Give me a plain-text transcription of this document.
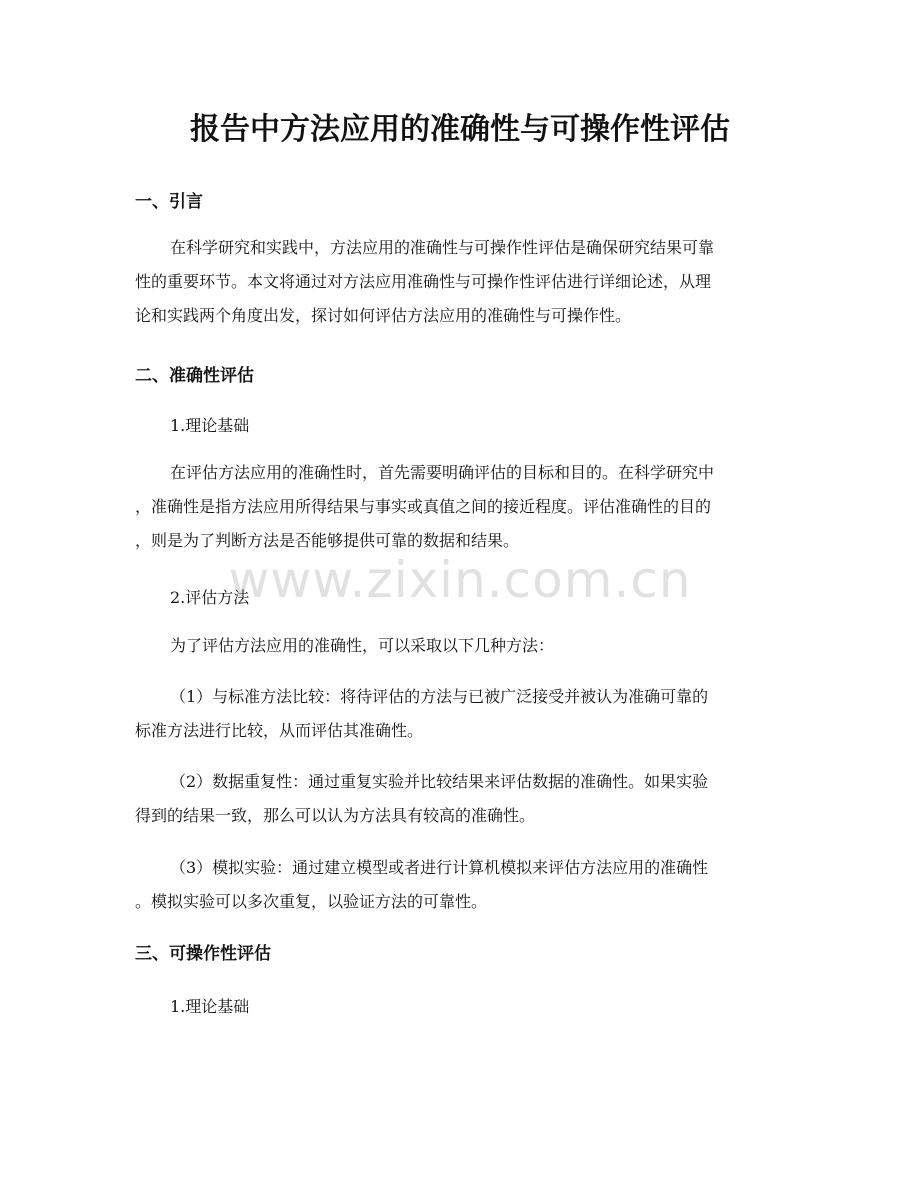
报告中方法应用的准确性与可操作性评估
一、引言

在科学研究和实践中，方法应用的准确性与可操作性评估是确保研究结果可靠
性的重要环节。本文将通过对方法应用准确性与可操作性评估进行详细论述，从理
论和实践两个角度出发，探讨如何评估方法应用的准确性与可操作性。

二、准确性评估

1.理论基础

在评估方法应用的准确性时，首先需要明确评估的目标和目的。在科学研究中
，准确性是指方法应用所得结果与事实或真值之间的接近程度。评估准确性的目的
，则是为了判断方法是否能够提供可靠的数据和结果。

2.评估方法

为了评估方法应用的准确性，可以采取以下几种方法：

（1）与标准方法比较：将待评估的方法与已被广泛接受并被认为准确可靠的
标准方法进行比较，从而评估其准确性。

（2）数据重复性：通过重复实验并比较结果来评估数据的准确性。如果实验
得到的结果一致，那么可以认为方法具有较高的准确性。

（3）模拟实验：通过建立模型或者进行计算机模拟来评估方法应用的准确性
。模拟实验可以多次重复，以验证方法的可靠性。

三、可操作性评估

1.理论基础

www.zixin.com.cn
